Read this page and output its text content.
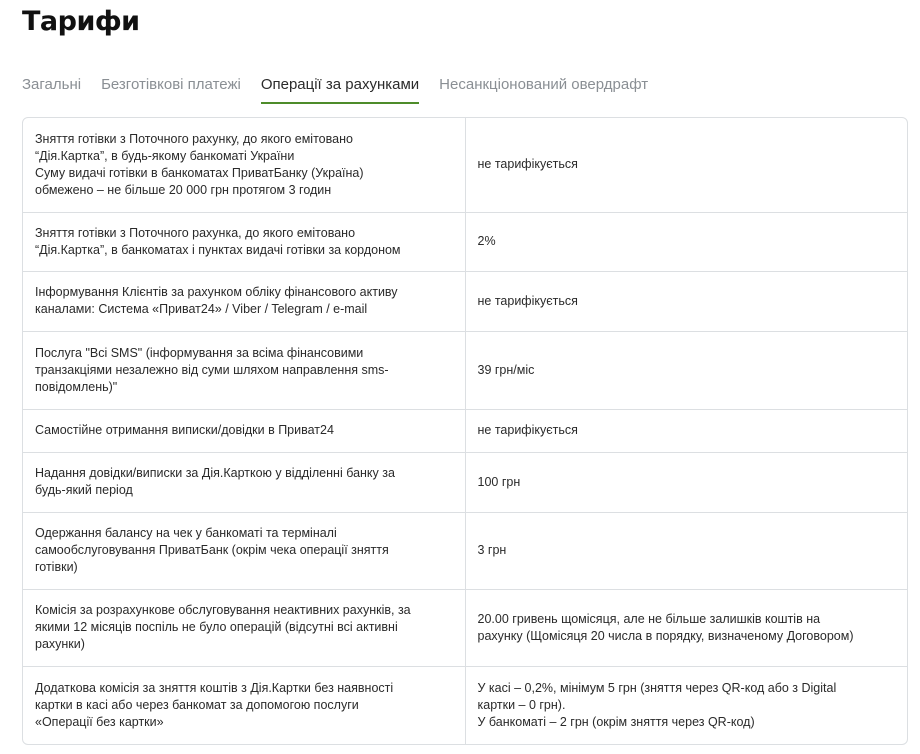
Тарифи
Загальні Безготівкові платежі Операції за рахунками Несанкціонований овердрафт
Зняття готівки з Поточного рахунку, до якого емітовано
“Дія.Картка”, в будь-якому банкоматі України
Суму видачі готівки в банкоматах ПриватБанку (Україна)
обмежено – не більше 20 000 грн протягом 3 годин	не тарифікується

Зняття готівки з Поточного рахунка, до якого емітовано
“Дія.Картка”, в банкоматах і пунктах видачі готівки за кордоном	2%

Інформування Клієнтів за рахунком обліку фінансового активу
каналами: Система «Приват24» / Viber / Telegram / e-mail	не тарифікується

Послуга "Всі SMS" (інформування за всіма фінансовими
транзакціями незалежно від суми шляхом направлення sms-
повідомлень)"	39 грн/міс

Самостійне отримання виписки/довідки в Приват24	не тарифікується

Надання довідки/виписки за Дія.Карткою у відділенні банку за
будь-який період	100 грн

Одержання балансу на чек у банкоматі та терміналі
самообслуговування ПриватБанк (окрім чека операції зняття
готівки)	3 грн

Комісія за розрахункове обслуговування неактивних рахунків, за
якими 12 місяців поспіль не було операцій (відсутні всі активні
рахунки)	20.00 гривень щомісяця, але не більше залишків коштів на
рахунку (Щомісяця 20 числа в порядку, визначеному Договором)

Додаткова комісія за зняття коштів з Дія.Картки без наявності
картки в касі або через банкомат за допомогою послуги
«Операції без картки»	У касі – 0,2%, мінімум 5 грн (зняття через QR-код або з Digital
картки – 0 грн).
У банкоматі – 2 грн (окрім зняття через QR-код)
